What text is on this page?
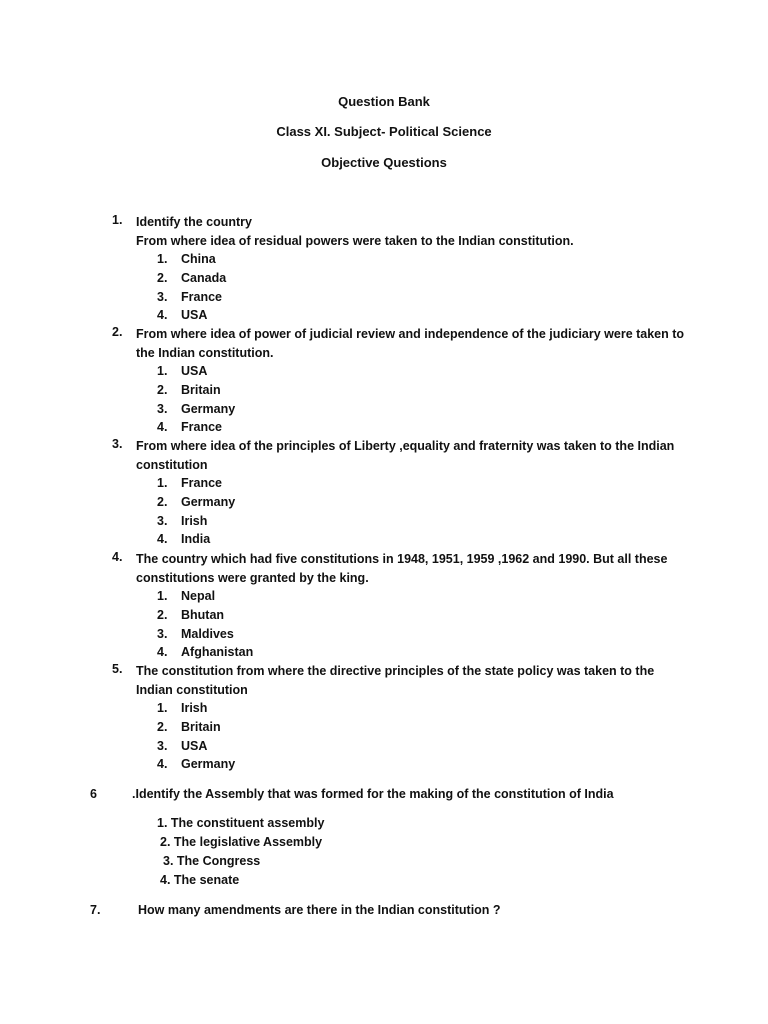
Question Bank
Class XI. Subject- Political Science
Objective Questions
1.	Identify the country
From where idea of residual powers were taken to the Indian constitution.
1. China
2. Canada
3. France
4. USA
2.	From where idea of power of judicial review and independence of the judiciary were taken to
the Indian constitution.
1. USA
2. Britain
3. Germany
4. France
3.	From where idea of the principles of Liberty ,equality and fraternity was taken to the Indian
constitution
1. France
2. Germany
3. Irish
4. India
4.	The country which had five constitutions in 1948, 1951, 1959 ,1962 and 1990. But all these
constitutions were granted by the king.
1. Nepal
2. Bhutan
3. Maldives
4. Afghanistan
5.	The constitution from where the directive principles of the state policy was taken to the
Indian constitution
1. Irish
2. Britain
3. USA
4. Germany
6	.Identify the Assembly that was formed for the making of the constitution of India
1. The constituent assembly
2. The legislative Assembly
3. The Congress
4. The senate
7.	How many amendments are there in the Indian constitution ?
